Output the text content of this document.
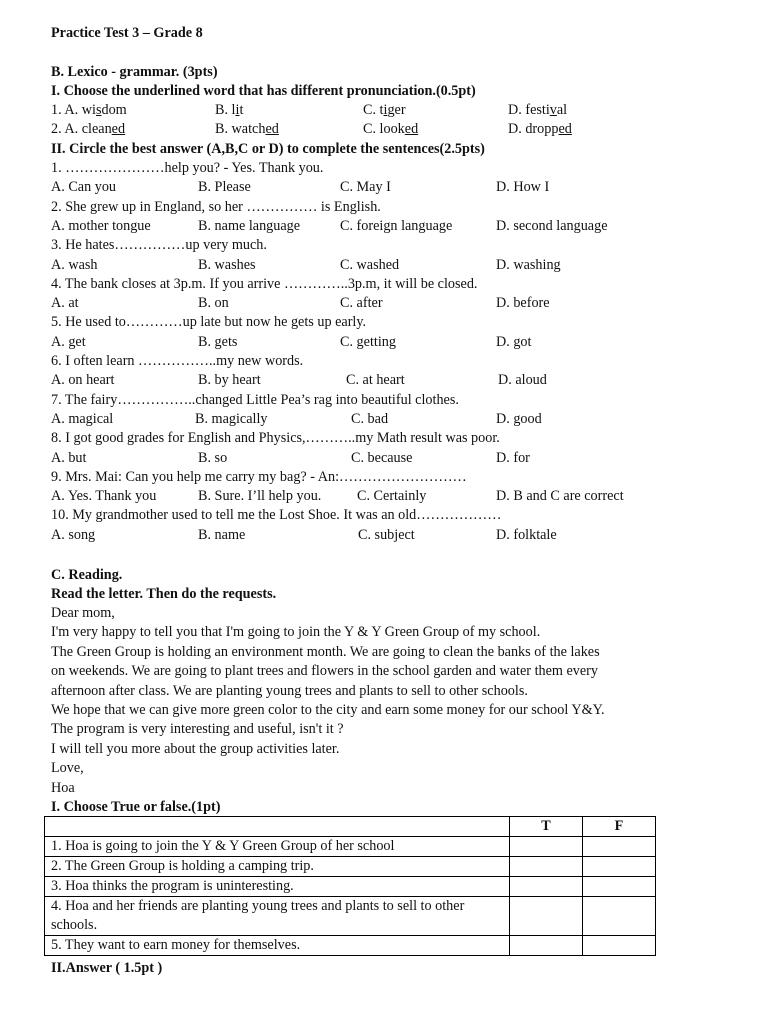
Practice Test 3 – Grade 8
B. Lexico - grammar. (3pts)
I. Choose the underlined word that has different pronunciation.(0.5pt)
1. A. wisdom	B. lit	C. tiger	D. festival
2. A. cleaned	B. watched	C. looked	D. dropped
II. Circle the best answer (A,B,C or D) to complete the sentences(2.5pts)
1. …………………help you? - Yes. Thank you.
A. Can you	B. Please	C. May I	D. How I
2. She grew up in England, so her …………… is English.
A. mother tongue	B. name language	C. foreign language	D. second language
3. He hates……………up very much.
A. wash	B. washes	C. washed	D. washing
4. The bank closes at 3p.m. If you arrive …………..3p.m, it will be closed.
A. at	B. on	C. after	D. before
5. He used to…………up late but now he gets up early.
A. get	B. gets	C. getting	D. got
6. I often learn ……………..my new words.
A. on heart	B. by heart	C. at heart	D. aloud
7. The fairy……………..changed Little Pea’s rag into beautiful clothes.
A. magical	B. magically	C. bad	D. good
8. I got good grades for English and Physics,………..my Math result was poor.
A. but	B. so	C. because	D. for
9. Mrs. Mai: Can you help me carry my bag? - An:………………………
A. Yes. Thank you	B. Sure. I’ll help you.	C. Certainly	D. B and C are correct
10. My grandmother used to tell me the Lost Shoe. It was an old………………
A. song	B. name	C. subject	D. folktale
C. Reading.
Read the letter. Then do the requests.
Dear mom,
I'm very happy to tell you that I'm going to join the Y & Y Green Group of my school.
The Green Group is holding an environment month. We are going to clean the banks of the lakes
on weekends. We are going to plant trees and flowers in the school garden and water them every
afternoon after class. We are planting young trees and plants to sell to other schools.
We hope that we can give more green color to the city and earn some money for our school Y&Y.
The program is very interesting and useful, isn't it ?
I will tell you more about the group activities later.
Love,
Hoa
I. Choose True or false.(1pt)
II.Answer ( 1.5pt )
	T	F
1. Hoa is going to join the Y & Y Green Group of her school		
2. The Green Group is holding a camping trip.		
3. Hoa thinks the program is uninteresting.		
4. Hoa and her friends are planting young trees and plants to sell to other schools.		
5. They want to earn money for themselves.		
